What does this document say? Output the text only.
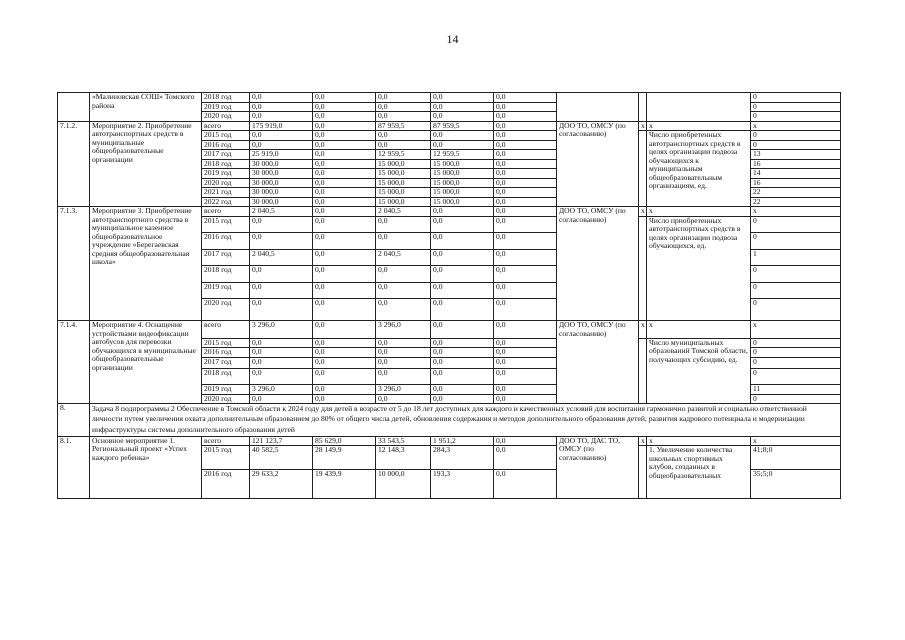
14
	«Малиновская СОШ» Томского района	2018 год	0,0	0,0	0,0	0,0	0,0				0
		2019 год	0,0	0,0	0,0	0,0	0,0				0
		2020 год	0,0	0,0	0,0	0,0	0,0				0
7.1.2.	Мероприятие 2. Приобретение автотранспортных средств в муниципальные общеобразовательные организации	всего	175 919,0	0,0	87 959,5	87 959,5	0,0	ДОО ТО, ОМСУ (по согласованию)	х	х	х
		2015 год	0,0	0,0	0,0	0,0	0,0			Число приобретенных автотранспортных средств в целях организации подвоза обучающихся к муниципальным общеобразовательным организациям, ед.	0
		2016 год	0,0	0,0	0,0	0,0	0,0				0
		2017 год	25 919,0	0,0	12 959,5	12 959,5	0,0				13
		2018 год	30 000,0	0,0	15 000,0	15 000,0	0,0				16
		2019 год	30 000,0	0,0	15 000,0	15 000,0	0,0				14
		2020 год	30 000,0	0,0	15 000,0	15 000,0	0,0				16
		2021 год	30 000,0	0,0	15 000,0	15 000,0	0,0				22
		2022 год	30 000,0	0,0	15 000,0	15 000,0	0,0				22
7.1.3.	Мероприятие 3. Приобретение автотранспортного средства в муниципальное казенное общеобразовательное учреждение «Берегаевская средняя общеобразовательная школа»	всего	2 040,5	0,0	2 040,5	0,0	0,0	ДОО ТО, ОМСУ (по согласованию)	х	х	х
		2015 год	0,0	0,0	0,0	0,0	0,0			Число приобретенных автотранспортных средств в целях организации подвоза обучающихся, ед.	0
		2016 год	0,0	0,0	0,0	0,0	0,0				0
		2017 год	2 040,5	0,0	2 040,5	0,0	0,0				1
		2018 год	0,0	0,0	0,0	0,0	0,0				0
		2019 год	0,0	0,0	0,0	0,0	0,0				0
		2020 год	0,0	0,0	0,0	0,0	0,0				0
7.1.4.	Мероприятие 4. Оснащение устройствами видеофиксации автобусов для перевозки обучающихся в муниципальные общеобразовательные организации	всего	3 296,0	0,0	3 296,0	0,0	0,0	ДОО ТО, ОМСУ (по согласованию)	х	х	х
		2015 год	0,0	0,0	0,0	0,0	0,0			Число муниципальных образований Томской области, получающих субсидию, ед.	0
		2016 год	0,0	0,0	0,0	0,0	0,0				0
		2017 год	0,0	0,0	0,0	0,0	0,0				0
		2018 год	0,0	0,0	0,0	0,0	0,0				0
		2019 год	3 296,0	0,0	3 296,0	0,0	0,0				11
		2020 год	0,0	0,0	0,0	0,0	0,0				0
8.	Задача 8 подпрограммы 2 Обеспечение в Томской области к 2024 году для детей в возрасте от 5 до 18 лет доступных для каждого и качественных условий для воспитания гармонично развитой и социально ответственной личности путем увеличения охвата дополнительным образованием до 80% от общего числа детей, обновления содержания и методов дополнительного образования детей, развития кадрового потенциала и модернизации инфраструктуры системы дополнительного образования детей										
8.1.	Основное мероприятие 1. Региональный проект «Успех каждого ребенка»	всего	121 123,7	85 629,0	33 543,5	1 951,2	0,0	ДОО ТО, ДАС ТО, ОМСУ (по согласованию)	х	х	х
		2015 год	40 582,5	28 149,9	12 148,3	284,3	0,0			1. Увеличение количества школьных спортивных клубов, созданных в общеобразовательных	41;8;0
		2016 год	29 633,2	19 439,9	10 000,0	193,3	0,0				35;5;0
